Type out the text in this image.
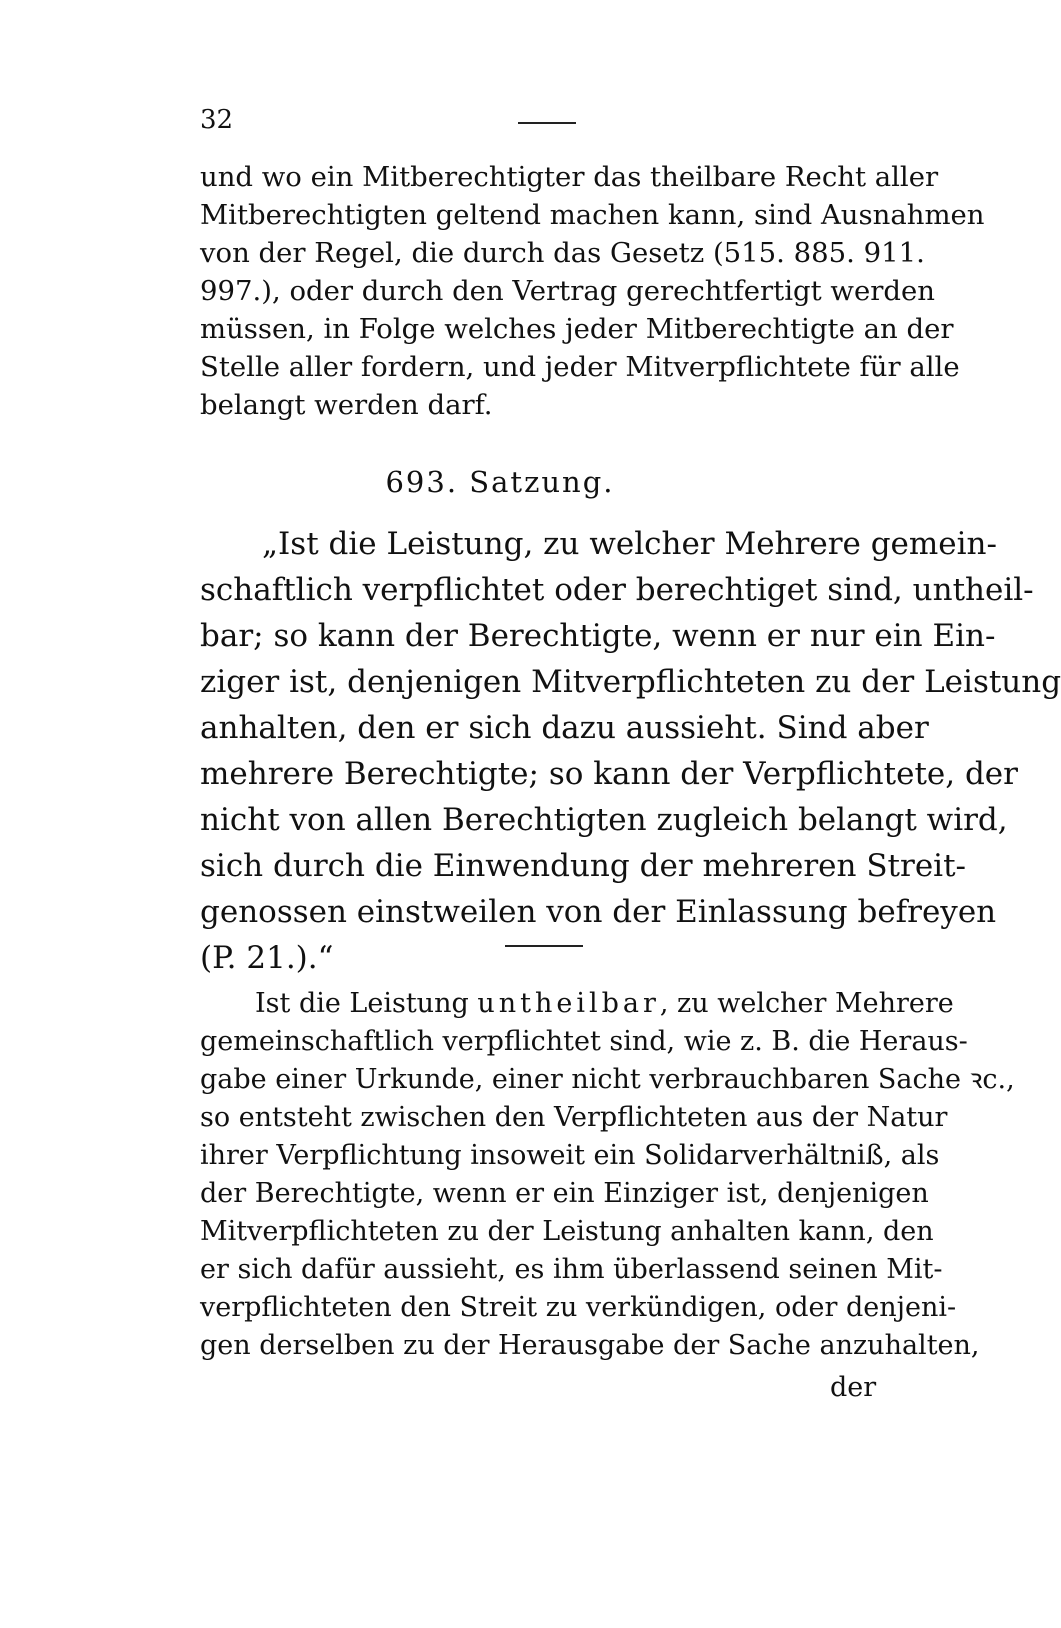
32
und wo ein Mitberechtigter das theilbare Recht aller
Mitberechtigten geltend machen kann, sind Ausnahmen
von der Regel, die durch das Gesetz (515. 885. 911.
997.), oder durch den Vertrag gerechtfertigt werden
müssen, in Folge welches jeder Mitberechtigte an der
Stelle aller fordern, und jeder Mitverpflichtete für alle
belangt werden darf.
693. Satzung.
„Ist die Leistung, zu welcher Mehrere gemein-
schaftlich verpflichtet oder berechtiget sind, untheil-
bar; so kann der Berechtigte, wenn er nur ein Ein-
ziger ist, denjenigen Mitverpflichteten zu der Leistung
anhalten, den er sich dazu aussieht. Sind aber
mehrere Berechtigte; so kann der Verpflichtete, der
nicht von allen Berechtigten zugleich belangt wird,
sich durch die Einwendung der mehreren Streit-
genossen einstweilen von der Einlassung befreyen
(P. 21.).“
Ist die Leistung untheilbar, zu welcher Mehrere
gemeinschaftlich verpflichtet sind, wie z. B. die Heraus-
gabe einer Urkunde, einer nicht verbrauchbaren Sache ꝛc.,
so entsteht zwischen den Verpflichteten aus der Natur
ihrer Verpflichtung insoweit ein Solidarverhältniß, als
der Berechtigte, wenn er ein Einziger ist, denjenigen
Mitverpflichteten zu der Leistung anhalten kann, den
er sich dafür aussieht, es ihm überlassend seinen Mit-
verpflichteten den Streit zu verkündigen, oder denjeni-
gen derselben zu der Herausgabe der Sache anzuhalten,
der
